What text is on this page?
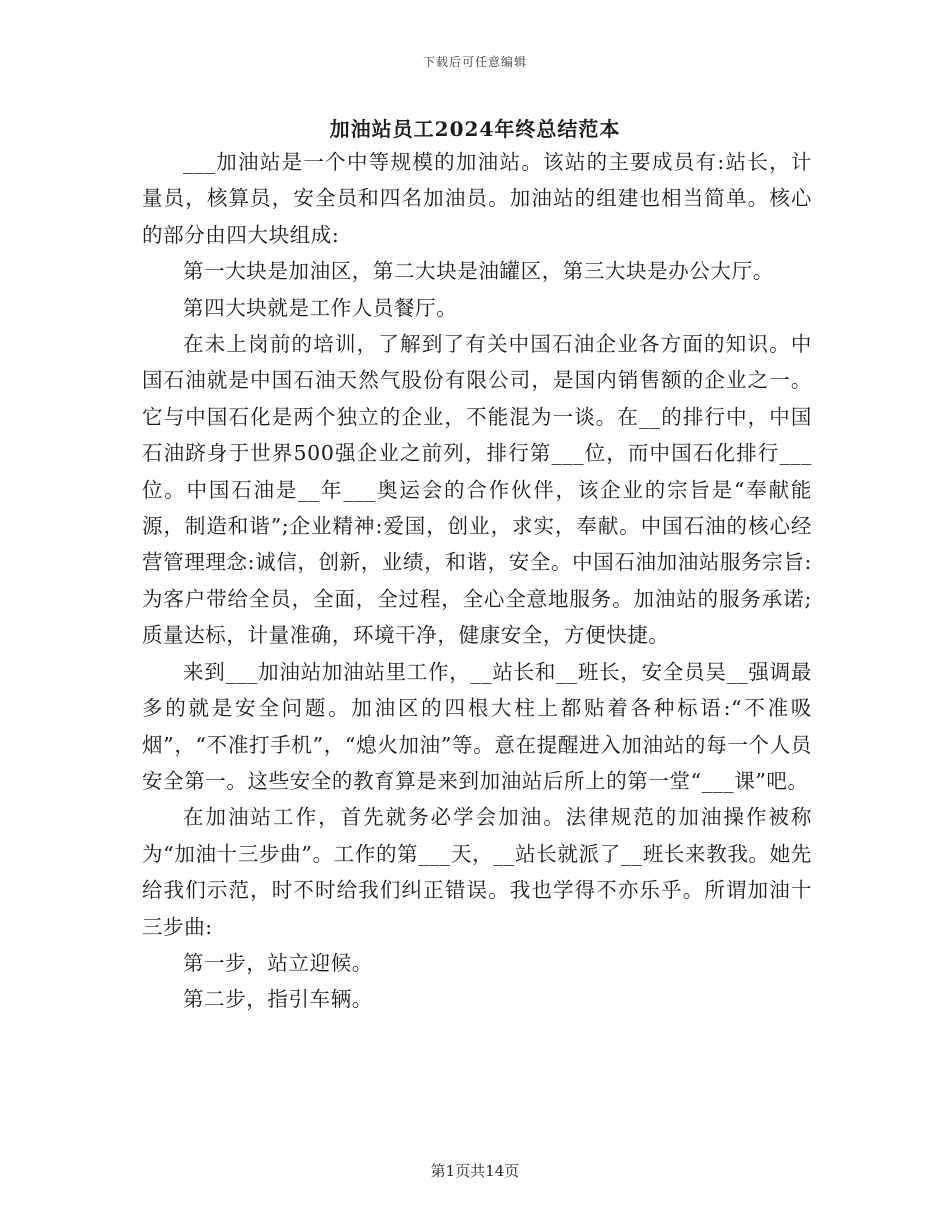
下载后可任意编辑
加油站员工2024年终总结范本

___加油站是一个中等规模的加油站。该站的主要成员有:站长，计量员，核算员，安全员和四名加油员。加油站的组建也相当简单。核心的部分由四大块组成:

第一大块是加油区，第二大块是油罐区，第三大块是办公大厅。

第四大块就是工作人员餐厅。

在未上岗前的培训，了解到了有关中国石油企业各方面的知识。中国石油就是中国石油天然气股份有限公司，是国内销售额的企业之一。它与中国石化是两个独立的企业，不能混为一谈。在__的排行中，中国石油跻身于世界500强企业之前列，排行第___位，而中国石化排行___位。中国石油是__年___奥运会的合作伙伴，该企业的宗旨是“奉献能源，制造和谐”;企业精神:爱国，创业，求实，奉献。中国石油的核心经营管理理念:诚信，创新，业绩，和谐，安全。中国石油加油站服务宗旨:为客户带给全员，全面，全过程，全心全意地服务。加油站的服务承诺;质量达标，计量准确，环境干净，健康安全，方便快捷。

来到___加油站加油站里工作，__站长和__班长，安全员吴__强调最多的就是安全问题。加油区的四根大柱上都贴着各种标语:“不准吸烟”，“不准打手机”，“熄火加油”等。意在提醒进入加油站的每一个人员安全第一。这些安全的教育算是来到加油站后所上的第一堂“___课”吧。

在加油站工作，首先就务必学会加油。法律规范的加油操作被称为“加油十三步曲”。工作的第___天，__站长就派了__班长来教我。她先给我们示范，时不时给我们纠正错误。我也学得不亦乐乎。所谓加油十三步曲:

第一步，站立迎候。

第二步，指引车辆。

第1页共14页
